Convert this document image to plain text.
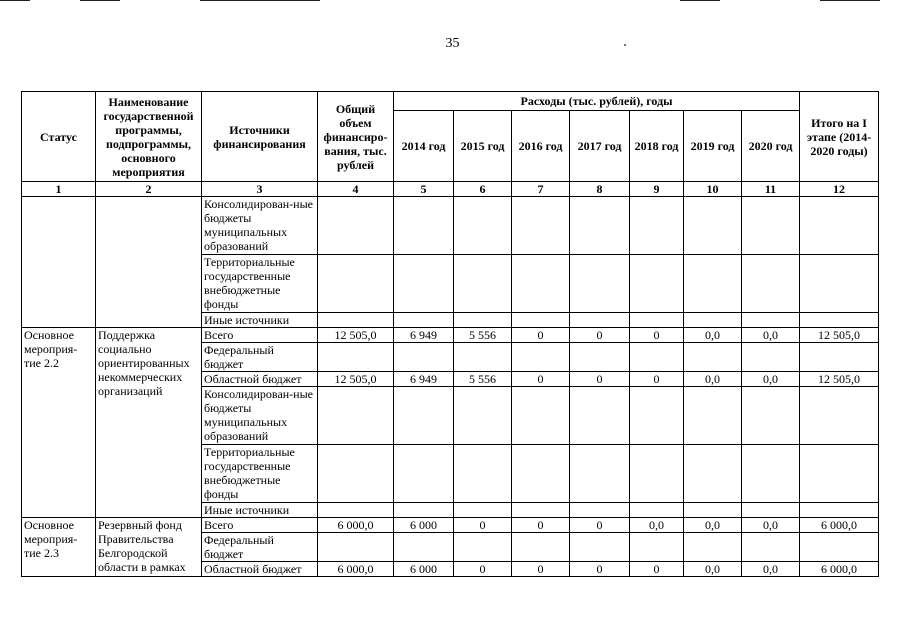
35
Статус	Наименование государственной программы, подпрограммы, основного мероприятия	Источники финансирования	Общий объем финансиро-вания, тыс. рублей	Расходы (тыс. рублей), годы							Итого на I этапе (2014-2020 годы)
				2014 год	2015 год	2016 год	2017 год	2018 год	2019 год	2020 год	
1	2	3	4	5	6	7	8	9	10	11	12
		Консолидирован-ные бюджеты муниципальных образований									
		Территориальные государственные внебюджетные фонды									
		Иные источники									
Основное мероприя-тие 2.2	Поддержка социально ориентированных некоммерческих организаций	Всего	12 505,0	6 949	5 556	0	0	0	0,0	0,0	12 505,0
		Федеральный бюджет									
		Областной бюджет	12 505,0	6 949	5 556	0	0	0	0,0	0,0	12 505,0
		Консолидирован-ные бюджеты муниципальных образований									
		Территориальные государственные внебюджетные фонды									
		Иные источники									
Основное мероприя-тие 2.3	Резервный фонд Правительства Белгородской области в рамках	Всего	6 000,0	6 000	0	0	0	0,0	0,0	0,0	6 000,0
		Федеральный бюджет									
		Областной бюджет	6 000,0	6 000	0	0	0	0	0,0	0,0	6 000,0
